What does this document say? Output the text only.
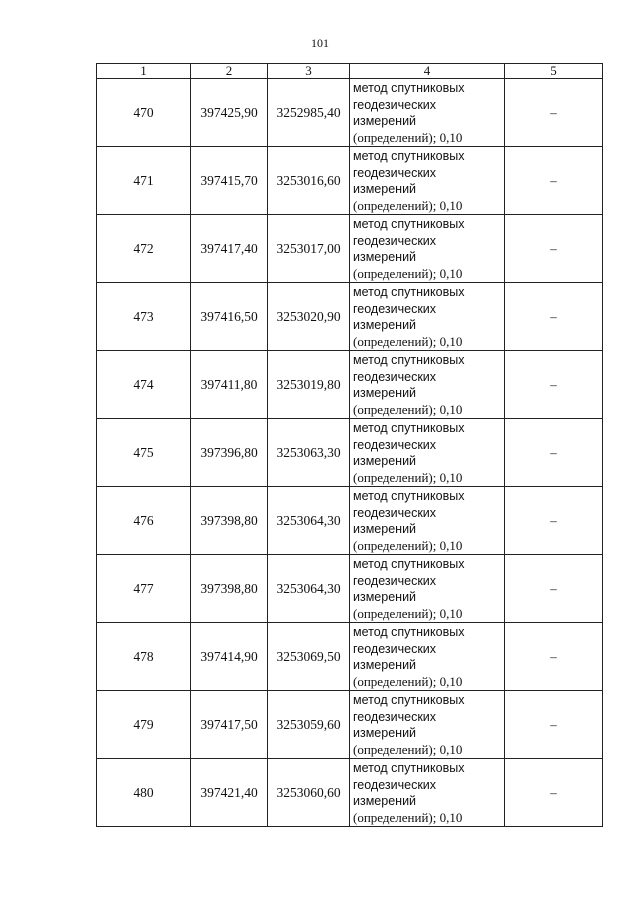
101
1	2	3	4	5
470	397425,90	3252985,40	метод спутниковых
геодезических
измерений
(определений); 0,10	–
471	397415,70	3253016,60	метод спутниковых
геодезических
измерений
(определений); 0,10	–
472	397417,40	3253017,00	метод спутниковых
геодезических
измерений
(определений); 0,10	–
473	397416,50	3253020,90	метод спутниковых
геодезических
измерений
(определений); 0,10	–
474	397411,80	3253019,80	метод спутниковых
геодезических
измерений
(определений); 0,10	–
475	397396,80	3253063,30	метод спутниковых
геодезических
измерений
(определений); 0,10	–
476	397398,80	3253064,30	метод спутниковых
геодезических
измерений
(определений); 0,10	–
477	397398,80	3253064,30	метод спутниковых
геодезических
измерений
(определений); 0,10	–
478	397414,90	3253069,50	метод спутниковых
геодезических
измерений
(определений); 0,10	–
479	397417,50	3253059,60	метод спутниковых
геодезических
измерений
(определений); 0,10	–
480	397421,40	3253060,60	метод спутниковых
геодезических
измерений
(определений); 0,10	–
